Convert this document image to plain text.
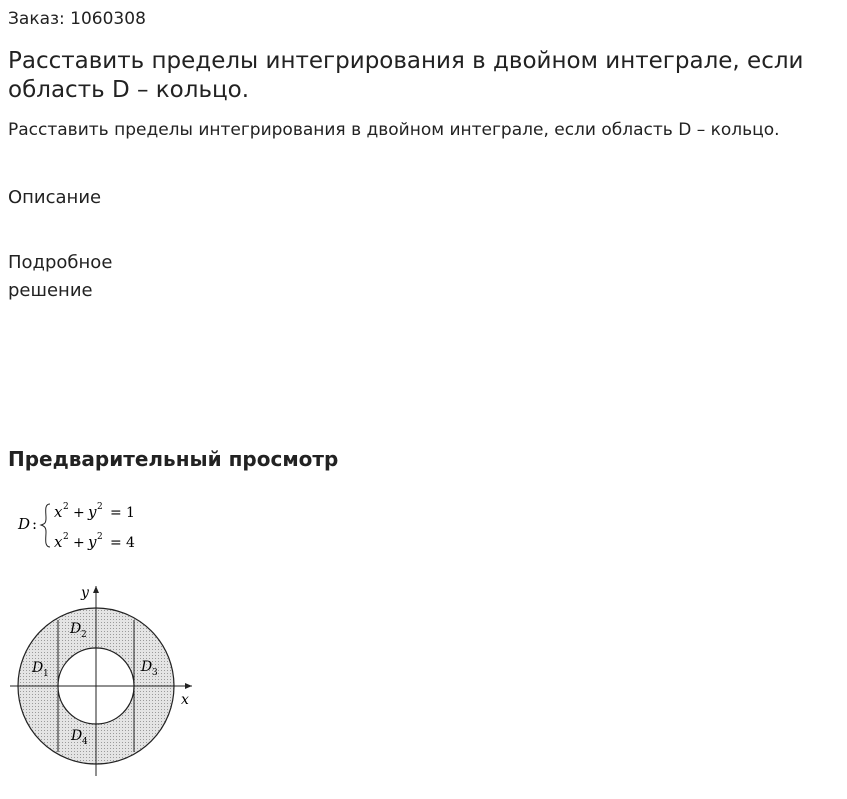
Заказ: 1060308
Расставить пределы интегрирования в двойном интеграле, если область D – кольцо.
Расставить пределы интегрирования в двойном интеграле, если область D – кольцо.
Описание
Подробное решение
Предварительный просмотр
D :
x 2 + y 2 = 1
x 2 + y 2 = 4
x
y
D 1
D 2
D 3
D 4
